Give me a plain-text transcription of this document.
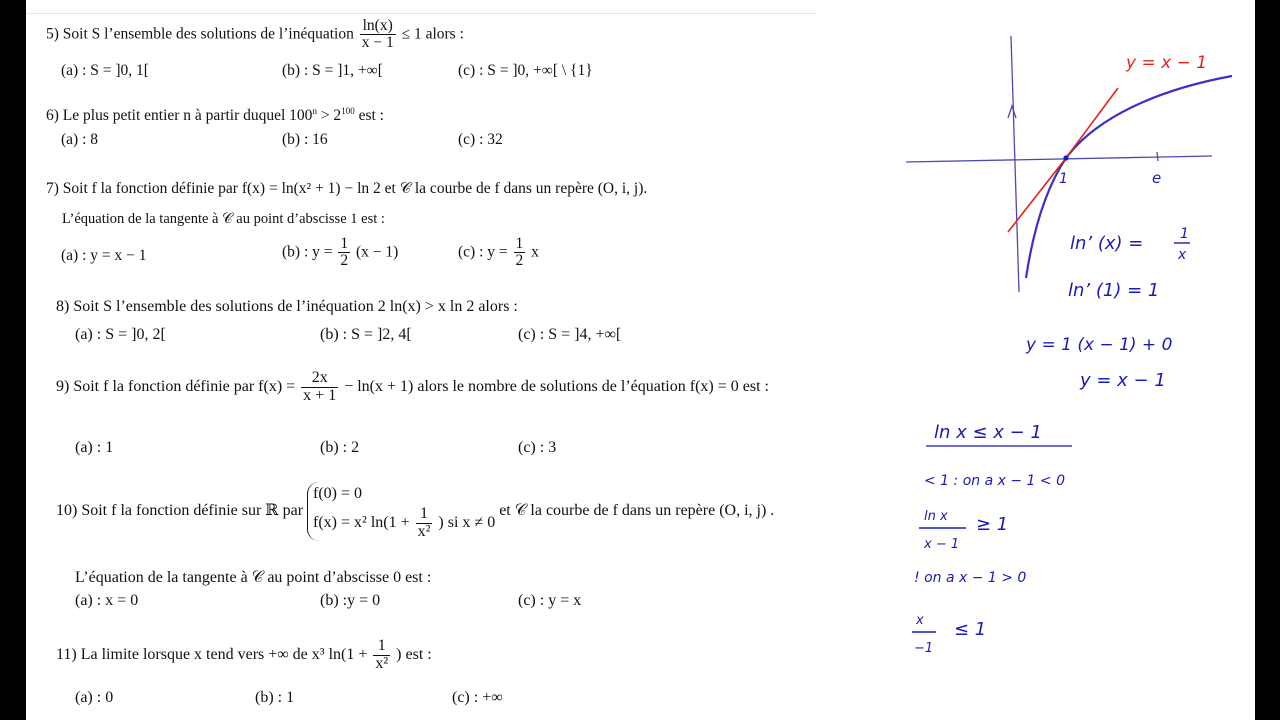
5) Soit S l’ensemble des solutions de l’inéquation $\frac{\ln(x)}{x - 1} \le 1$ alors :
(a) : S = ]0, 1[	(b) : S = ]1, +∞[	(c) : S = ]0, +∞[ \ {1}
6) Le plus petit entier n à partir duquel $100^n > 2^{100}$ est :
(a) : 8	(b) : 16	(c) : 32
7) Soit f la fonction définie par f(x) = ln(x² + 1) − ln 2 et 𝒞 la courbe de f dans un repère (O, i, j).
L’équation de la tangente à 𝒞 au point d’abscisse 1 est :
(a) : y = x − 1	(b) : $y = \frac{1}{2} (x - 1)$	(c) : $y = \frac{1}{2}$ x
8) Soit S l’ensemble des solutions de l’inéquation 2 ln(x) > x ln 2 alors :
(a) : S = ]0, 2[	(b) : S = ]2, 4[	(c) : S = ]4, +∞[
9) Soit f la fonction définie par $f(x) = \frac{2x}{x + 1} - \ln(x + 1)$ alors le nombre de solutions de l’équation f(x) = 0 est :
(a) : 1	(b) : 2	(c) : 3
10) Soit f la fonction définie sur ℝ par
f(0) = 0
f(x) = x² $\ln(1 + \frac{1}{\text{x²}}$ ) si x ≠ 0
et 𝒞 la courbe de f dans un repère (O, i, j) .
L’équation de la tangente à 𝒞 au point d’abscisse 0 est :
(a) : x = 0	(b) :y = 0	(c) : y = x
11) La limite lorsque x tend vers +∞ de x³ $\ln(1 + \frac{1}{\text{x²}}$ ) est :
(a) : 0	(b) : 1	(c) : +∞
y = x − 1
1	e
ln’ (x) =	1
x
ln’ (1) = 1
y = 1 (x − 1) + 0
y = x − 1
ln x ≤ x − 1
< 1 : on a x − 1 < 0
ln x
x − 1
≥ 1
! on a x − 1 > 0
x
−1
≤ 1
